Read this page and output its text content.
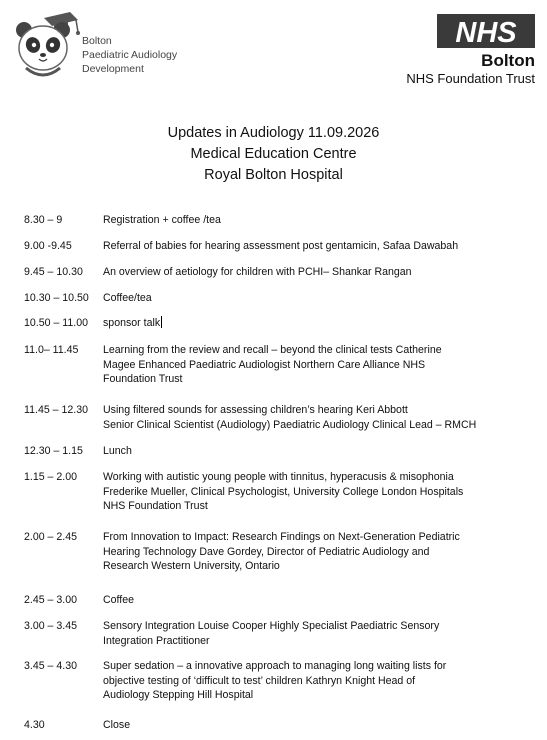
Bolton
Paediatric Audiology
Development
NHS
Bolton
NHS Foundation Trust
Updates in Audiology 11.09.2026
Medical Education Centre
Royal Bolton Hospital
8.30 – 9	Registration + coffee /tea
9.00 -9.45	Referral of babies for hearing assessment post gentamicin, Safaa Dawabah
9.45 – 10.30 An overview of aetiology for children with PCHI– Shankar Rangan
10.30 – 10.50 Coffee/tea
10.50 – 11.00 sponsor talk
11.0– 11.45 Learning from the review and recall – beyond the clinical tests Catherine
Magee Enhanced Paediatric Audiologist Northern Care Alliance NHS
Foundation Trust
11.45 – 12.30 Using filtered sounds for assessing children’s hearing Keri Abbott
Senior Clinical Scientist (Audiology) Paediatric Audiology Clinical Lead – RMCH
12.30 – 1.15 Lunch
1.15 – 2.00 Working with autistic young people with tinnitus, hyperacusis & misophonia
Frederike Mueller, Clinical Psychologist, University College London Hospitals
NHS Foundation Trust
2.00 – 2.45 From Innovation to Impact: Research Findings on Next-Generation Pediatric
Hearing Technology Dave Gordey, Director of Pediatric Audiology and
Research Western University, Ontario
2.45 – 3.00 Coffee
3.00 – 3.45 Sensory Integration Louise Cooper Highly Specialist Paediatric Sensory
Integration Practitioner
3.45 – 4.30 Super sedation – a innovative approach to managing long waiting lists for
objective testing of ‘difficult to test’ children Kathryn Knight Head of
Audiology Stepping Hill Hospital
4.30	Close
